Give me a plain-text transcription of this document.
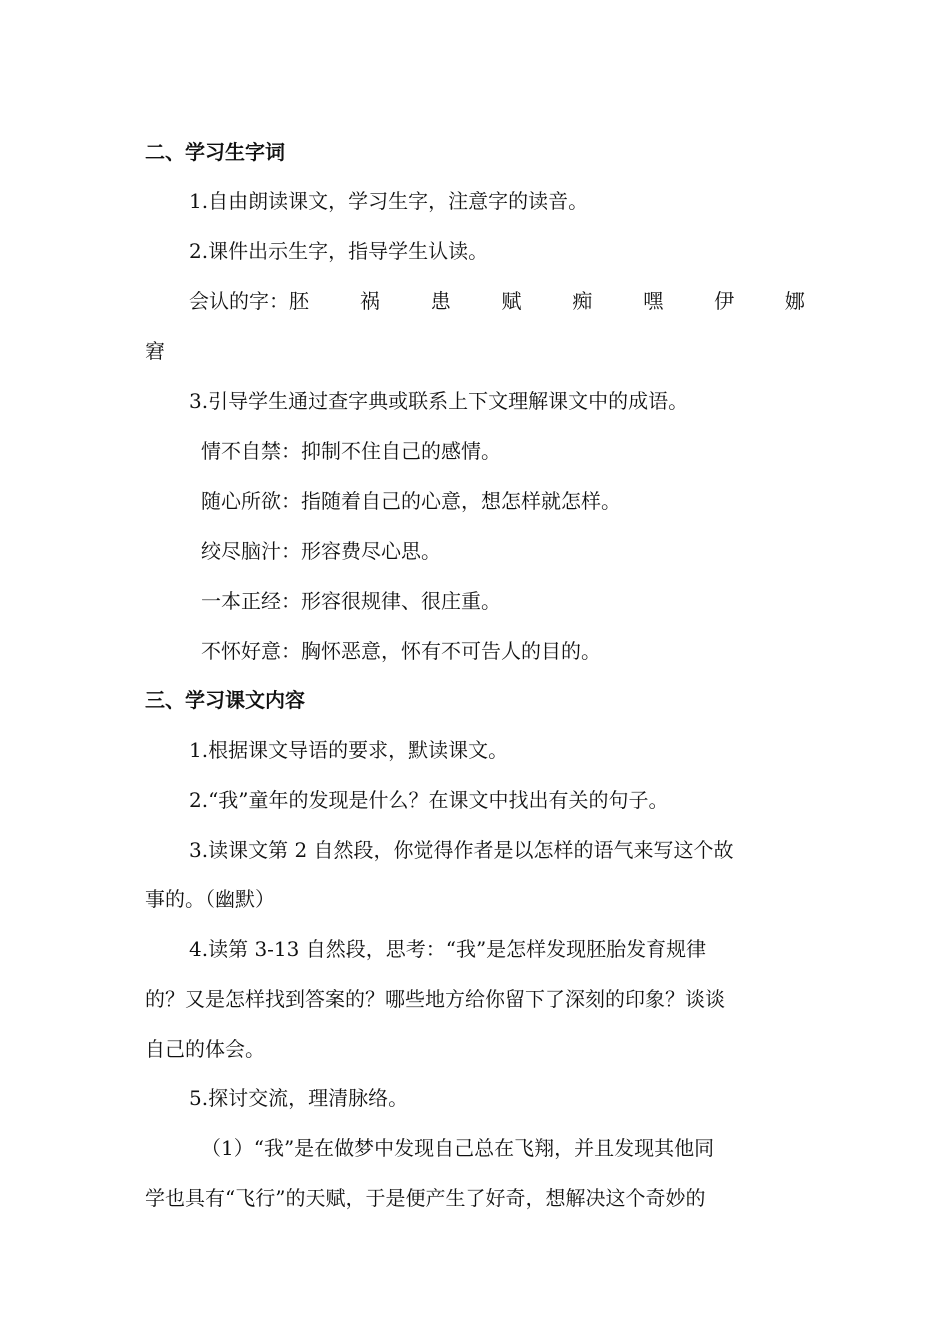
二、学习生字词
1.自由朗读课文，学习生字，注意字的读音。
2.课件出示生字，指导学生认读。
会认的字：胚	祸	患	赋	痴	嘿	伊	娜
窘
3.引导学生通过查字典或联系上下文理解课文中的成语。
情不自禁：抑制不住自己的感情。
随心所欲：指随着自己的心意，想怎样就怎样。
绞尽脑汁：形容费尽心思。
一本正经：形容很规律、很庄重。
不怀好意：胸怀恶意，怀有不可告人的目的。
三、学习课文内容
1.根据课文导语的要求，默读课文。
2.“我”童年的发现是什么？在课文中找出有关的句子。
3.读课文第 2 自然段，你觉得作者是以怎样的语气来写这个故
事的。（幽默）
4.读第 3-13 自然段，思考：“我”是怎样发现胚胎发育规律
的？又是怎样找到答案的？哪些地方给你留下了深刻的印象？谈谈
自己的体会。
5.探讨交流，理清脉络。
（1）“我”是在做梦中发现自己总在飞翔，并且发现其他同
学也具有“飞行”的天赋，于是便产生了好奇，想解决这个奇妙的
